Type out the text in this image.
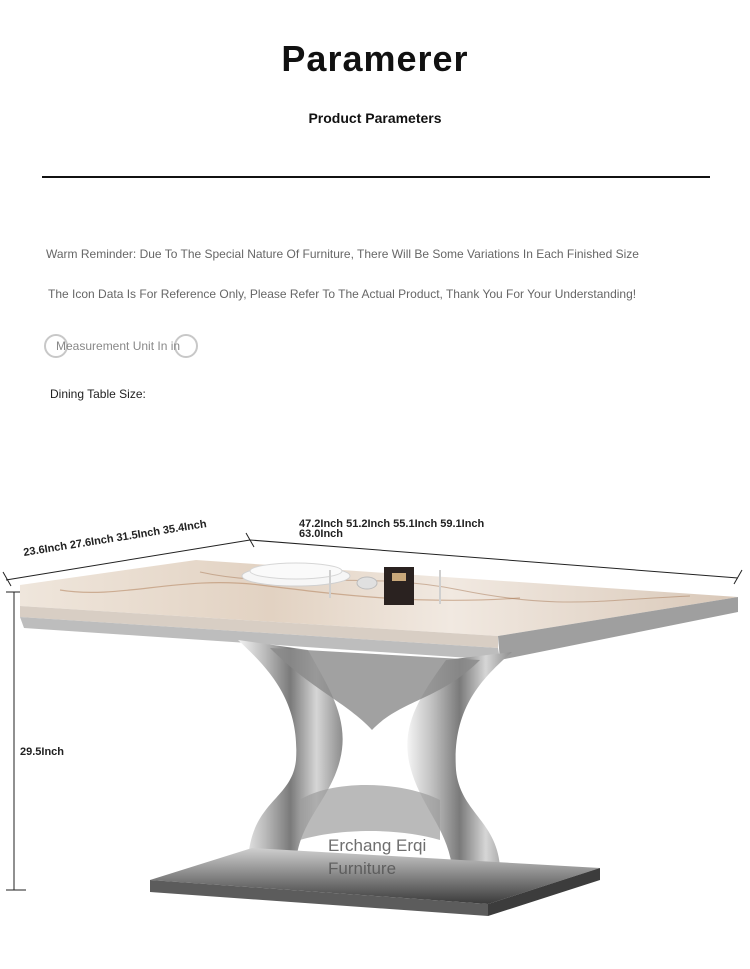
Paramerer
Product Parameters
Warm Reminder: Due To The Special Nature Of Furniture, There Will Be Some Variations In Each Finished Size
The Icon Data Is For Reference Only, Please Refer To The Actual Product, Thank You For Your Understanding!
Measurement Unit In in
Dining Table Size:
23.6Inch 27.6Inch 31.5Inch 35.4Inch	47.2Inch 51.2Inch 55.1Inch 59.1Inch
63.0Inch
29.5Inch
Erchang Erqi
Furniture
